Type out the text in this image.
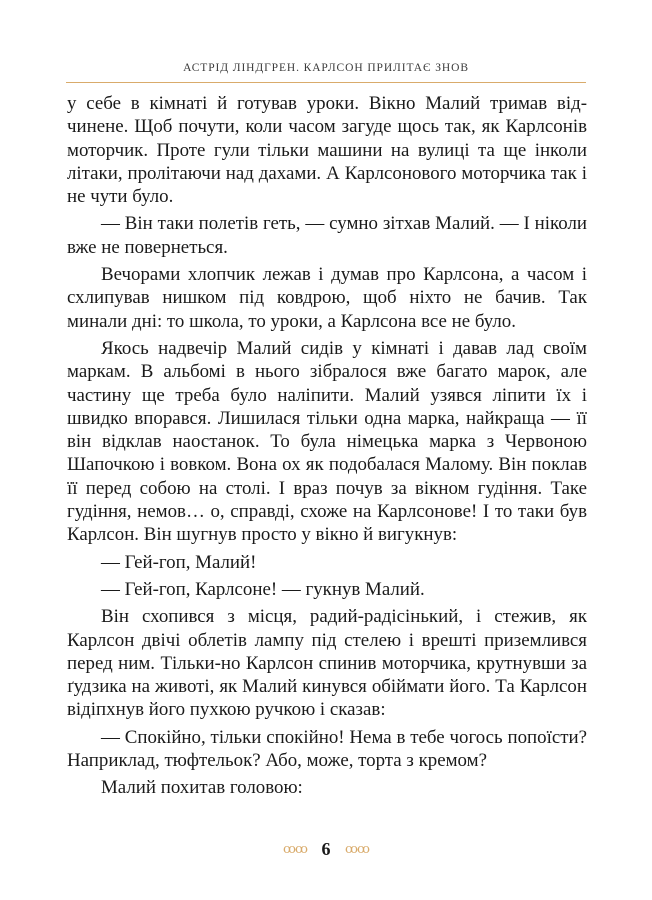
АСТРІД ЛІНДГРЕН. КАРЛСОН ПРИЛІТАЄ ЗНОВ

у себе в кімнаті й готував уроки. Вікно Малий тримав відчинене. Щоб почути, коли часом загуде щось так, як Карлсонів моторчик. Проте гули тільки машини на вулиці та ще інколи літаки, пролітаючи над дахами. А Карлсонового моторчика так і не чути було.

— Він таки полетів геть, — сумно зітхав Малий. — І ніколи вже не повернеться.

Вечорами хлопчик лежав і думав про Карлсона, а часом і схлипував нишком під ковдрою, щоб ніхто не бачив. Так минали дні: то школа, то уроки, а Карлсона все не було.

Якось надвечір Малий сидів у кімнаті і давав лад своїм маркам. В альбомі в нього зібралося вже багато марок, але частину ще треба було наліпити. Малий узявся ліпити їх і швидко впорався. Лишилася тільки одна марка, найкраща — її він відклав наостанок. То була німецька марка з Червоною Шапочкою і вовком. Вона ох як подобалася Малому. Він поклав її перед собою на столі. І враз почув за вікном гудіння. Таке гудіння, немов… о, справді, схоже на Карлсонове! І то таки був Карлсон. Він шугнув просто у вікно й вигукнув:

— Гей-гоп, Малий!

— Гей-гоп, Карлсоне! — гукнув Малий.

Він схопився з місця, радий-радісінький, і стежив, як Карлсон двічі облетів лампу під стелею і врешті приземлився перед ним. Тільки-но Карлсон спинив моторчика, крутнувши за ґудзика на животі, як Малий кинувся обіймати його. Та Карлсон відіпхнув його пухкою ручкою і сказав:

— Спокійно, тільки спокійно! Нема в тебе чогось попоїсти? Наприклад, тюфтельок? Або, може, торта з кремом?

Малий похитав головою:

ꝏꝏ 6 ꝏꝏ
